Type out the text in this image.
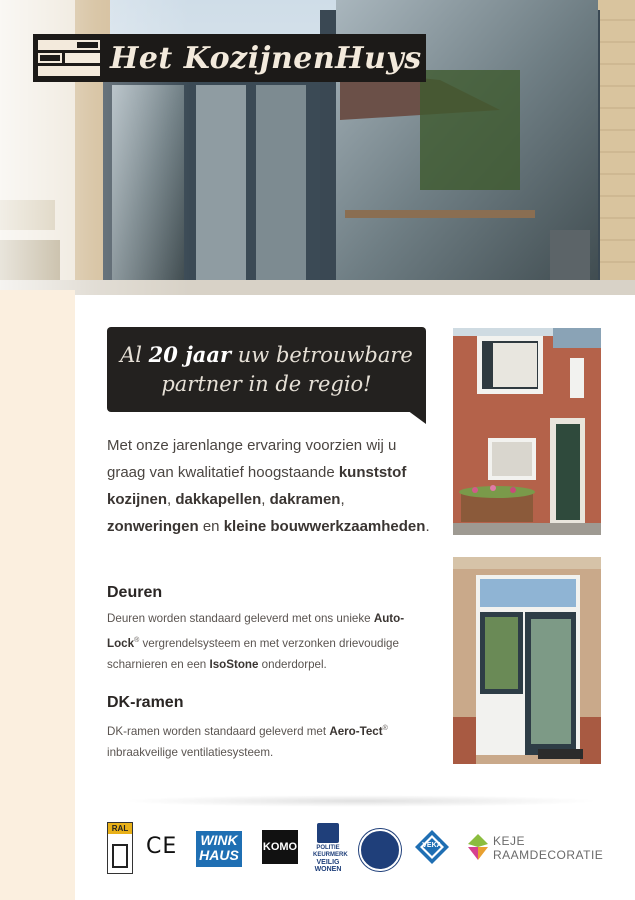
Het KozijnenHuys
Al 20 jaar uw betrouwbare
partner in de regio!
Met onze jarenlange ervaring voorzien wij u graag van kwalitatief hoogstaande kunststof kozijnen, dakkapellen, dakramen, zonweringen en kleine bouwwerkzaamheden.
Deuren
Deuren worden standaard geleverd met ons unieke Auto-Lock® vergrendelsysteem en met verzonken drievoudige scharnieren en een IsoStone onderdorpel.
DK-ramen
DK-ramen worden standaard geleverd met Aero-Tect® inbraakveilige ventilatiesysteem.
RAL
CE	WINK
HAUS KOMO	POLITIE
KEURMERK
VEILIG
WONEN
VEKA	KEJE
RAAMDECORATIE
